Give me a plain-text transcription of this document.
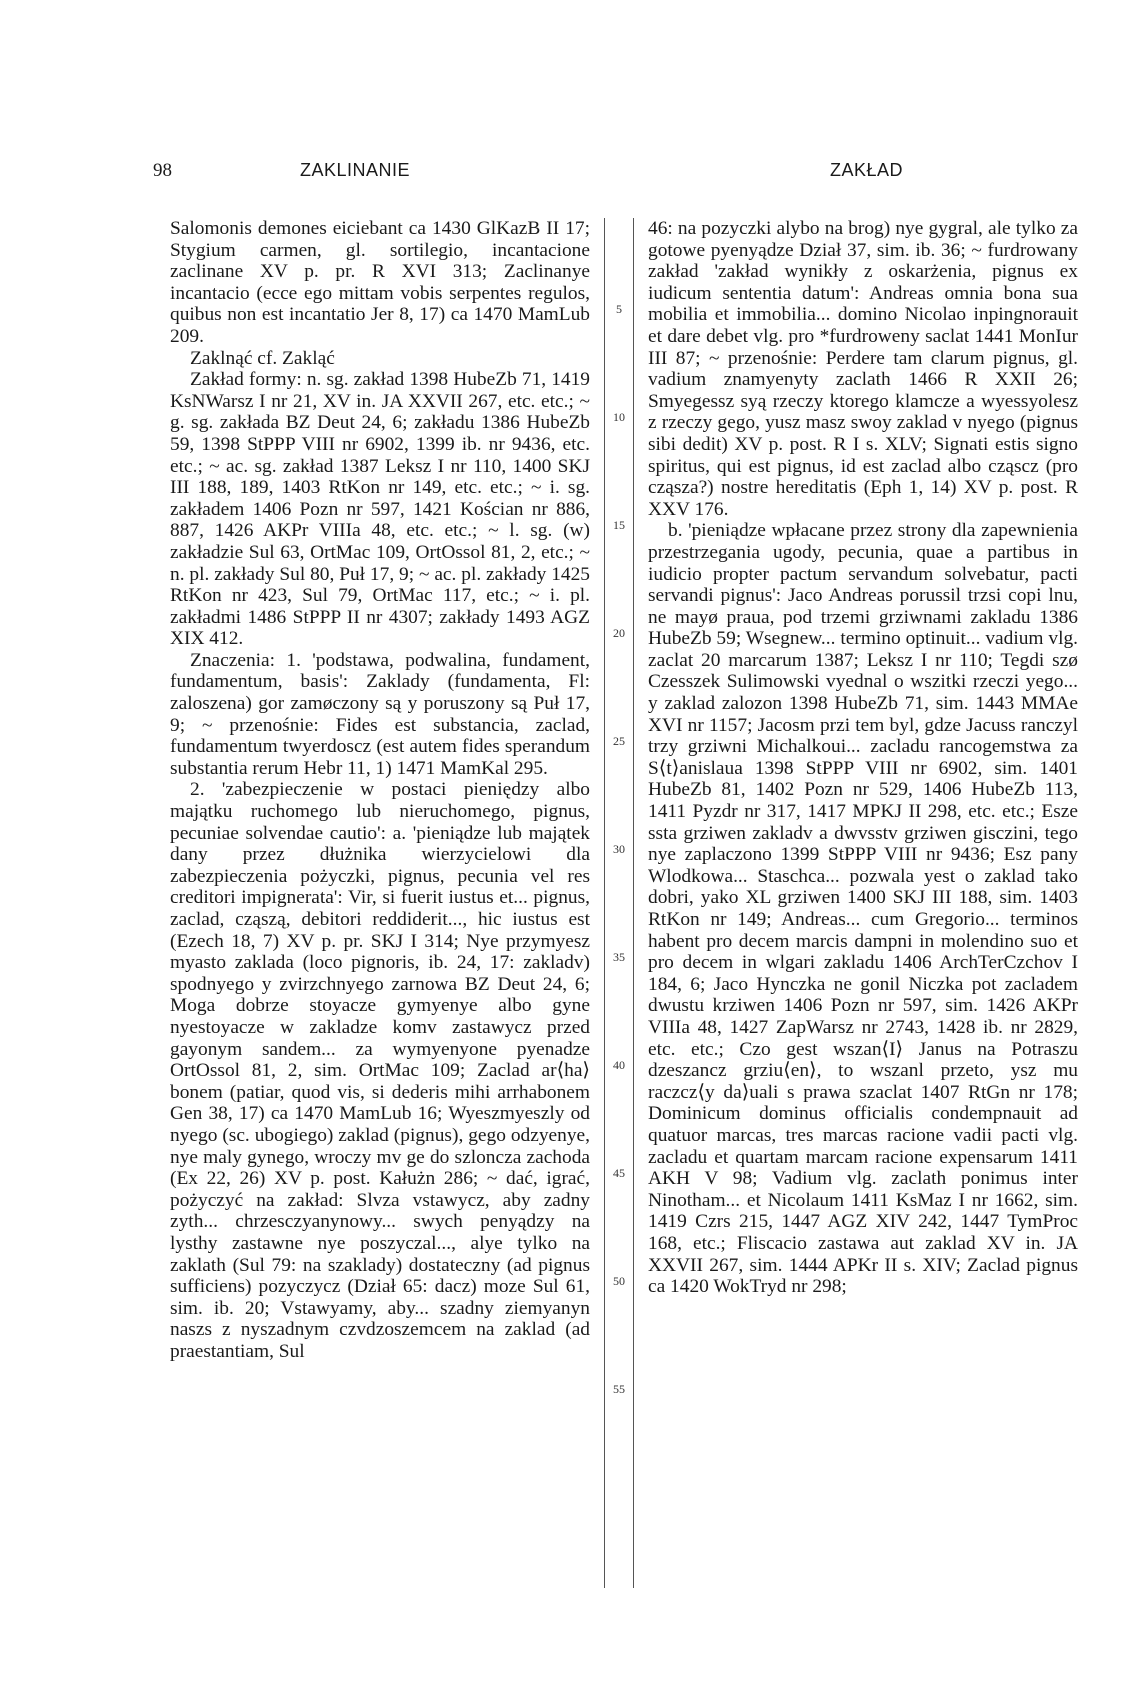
98	ZAKLINANIE	ZAKŁAD
5
10
15
20
25
30
35
40
45
50
55

Salomonis demones eiciebant ca 1430 GlKazB II 17; Stygium carmen, gl. sortilegio, incantacione zaclinane XV p. pr. R XVI 313; Zaclinanye incantacio (ecce ego mittam vobis serpentes regulos, quibus non est incantatio Jer 8, 17) ca 1470 MamLub 209.

Zaklnąć cf. Zakląć

Zakład formy: n. sg. zakład 1398 HubeZb 71, 1419 KsNWarsz I nr 21, XV in. JA XXVII 267, etc. etc.; ~ g. sg. zakłada BZ Deut 24, 6; zakładu 1386 HubeZb 59, 1398 StPPP VIII nr 6902, 1399 ib. nr 9436, etc. etc.; ~ ac. sg. zakład 1387 Leksz I nr 110, 1400 SKJ III 188, 189, 1403 RtKon nr 149, etc. etc.; ~ i. sg. zakładem 1406 Pozn nr 597, 1421 Kościan nr 886, 887, 1426 AKPr VIIIa 48, etc. etc.; ~ l. sg. (w) zakładzie Sul 63, OrtMac 109, OrtOssol 81, 2, etc.; ~ n. pl. zakłady Sul 80, Puł 17, 9; ~ ac. pl. zakłady 1425 RtKon nr 423, Sul 79, OrtMac 117, etc.; ~ i. pl. zakładmi 1486 StPPP II nr 4307; zakłady 1493 AGZ XIX 412.

Znaczenia: 1. 'podstawa, podwalina, fundament, fundamentum, basis': Zaklady (fundamenta, Fl: zaloszena) gor zamøczony są y poruszony są Puł 17, 9; ~ przenośnie: Fides est substancia, zaclad, fundamentum twyerdoscz (est autem fides sperandum substantia rerum Hebr 11, 1) 1471 MamKal 295.

2. 'zabezpieczenie w postaci pieniędzy albo majątku ruchomego lub nieruchomego, pignus, pecuniae solvendae cautio': a. 'pieniądze lub majątek dany przez dłużnika wierzycielowi dla zabezpieczenia pożyczki, pignus, pecunia vel res creditori impignerata': Vir, si fuerit iustus et... pignus, zaclad, cząszą, debitori reddiderit..., hic iustus est (Ezech 18, 7) XV p. pr. SKJ I 314; Nye przymyesz myasto zaklada (loco pignoris, ib. 24, 17: zakladv) spodnyego y zvirzchnyego zarnowa BZ Deut 24, 6; Moga dobrze stoyacze gymyenye albo gyne nyestoyacze w zakladze komv zastawycz przed gayonym sandem... za wymyenyone pyenadze OrtOssol 81, 2, sim. OrtMac 109; Zaclad ar⟨ha⟩bonem (patiar, quod vis, si dederis mihi arrhabonem Gen 38, 17) ca 1470 MamLub 16; Wyeszmyeszly od nyego (sc. ubogiego) zaklad (pignus), gego odzyenye, nye maly gynego, wroczy mv ge do szloncza zachoda (Ex 22, 26) XV p. post. Kałużn 286; ~ dać, igrać, pożyczyć na zakład: Slvza vstawycz, aby zadny zyth... chrzesczyanynowy... swych penyądzy na lysthy zastawne nye poszyczal..., alye tylko na zaklath (Sul 79: na szaklady) dostateczny (ad pignus sufficiens) pozyczycz (Dział 65: dacz) moze Sul 61, sim. ib. 20; Vstawyamy, aby... szadny ziemyanyn naszs z nyszadnym czvdzoszemcem na zaklad (ad praestantiam, Sul

46: na pozyczki alybo na brog) nye gygral, ale tylko za gotowe pyenyądze Dział 37, sim. ib. 36; ~ furdrowany zakład 'zakład wynikły z oskarżenia, pignus ex iudicum sententia datum': Andreas omnia bona sua mobilia et immobilia... domino Nicolao inpingnorauit et dare debet vlg. pro *furdroweny saclat 1441 MonIur III 87; ~ przenośnie: Perdere tam clarum pignus, gl. vadium znamyenyty zaclath 1466 R XXII 26; Smyegessz syą rzeczy ktorego klamcze a wyessyolesz z rzeczy gego, yusz masz swoy zaklad v nyego (pignus sibi dedit) XV p. post. R I s. XLV; Signati estis signo spiritus, qui est pignus, id est zaclad albo cząscz (pro cząsza?) nostre hereditatis (Eph 1, 14) XV p. post. R XXV 176.

b. 'pieniądze wpłacane przez strony dla zapewnienia przestrzegania ugody, pecunia, quae a partibus in iudicio propter pactum servandum solvebatur, pacti servandi pignus': Jaco Andreas porussil trzsi copi lnu, ne mayø praua, pod trzemi grziwnami zakladu 1386 HubeZb 59; Wsegnew... termino optinuit... vadium vlg. zaclat 20 marcarum 1387; Leksz I nr 110; Tegdi szø Czesszek Sulimowski vyednal o wszitki rzeczi yego... y zaklad zalozon 1398 HubeZb 71, sim. 1443 MMAe XVI nr 1157; Jacosm przi tem byl, gdze Jacuss ranczyl trzy grziwni Michalkoui... zacladu rancogemstwa za S⟨t⟩anislaua 1398 StPPP VIII nr 6902, sim. 1401 HubeZb 81, 1402 Pozn nr 529, 1406 HubeZb 113, 1411 Pyzdr nr 317, 1417 MPKJ II 298, etc. etc.; Esze ssta grziwen zakladv a dwvsstv grziwen gisczini, tego nye zaplaczono 1399 StPPP VIII nr 9436; Esz pany Wlodkowa... Staschca... pozwala yest o zaklad tako dobri, yako XL grziwen 1400 SKJ III 188, sim. 1403 RtKon nr 149; Andreas... cum Gregorio... terminos habent pro decem marcis dampni in molendino suo et pro decem in wlgari zakladu 1406 ArchTerCzchov I 184, 6; Jaco Hynczka ne gonil Niczka pot zacladem dwustu krziwen 1406 Pozn nr 597, sim. 1426 AKPr VIIIa 48, 1427 ZapWarsz nr 2743, 1428 ib. nr 2829, etc. etc.; Czo gest wszan⟨I⟩ Janus na Potraszu dzeszancz grziu⟨en⟩, to wszanl przeto, ysz mu raczcz⟨y da⟩uali s prawa szaclat 1407 RtGn nr 178; Dominicum dominus officialis condempnauit ad quatuor marcas, tres marcas racione vadii pacti vlg. zacladu et quartam marcam racione expensarum 1411 AKH V 98; Vadium vlg. zaclath ponimus inter Ninotham... et Nicolaum 1411 KsMaz I nr 1662, sim. 1419 Czrs 215, 1447 AGZ XIV 242, 1447 TymProc 168, etc.; Fliscacio zastawa aut zaklad XV in. JA XXVII 267, sim. 1444 APKr II s. XIV; Zaclad pignus ca 1420 WokTryd nr 298;
